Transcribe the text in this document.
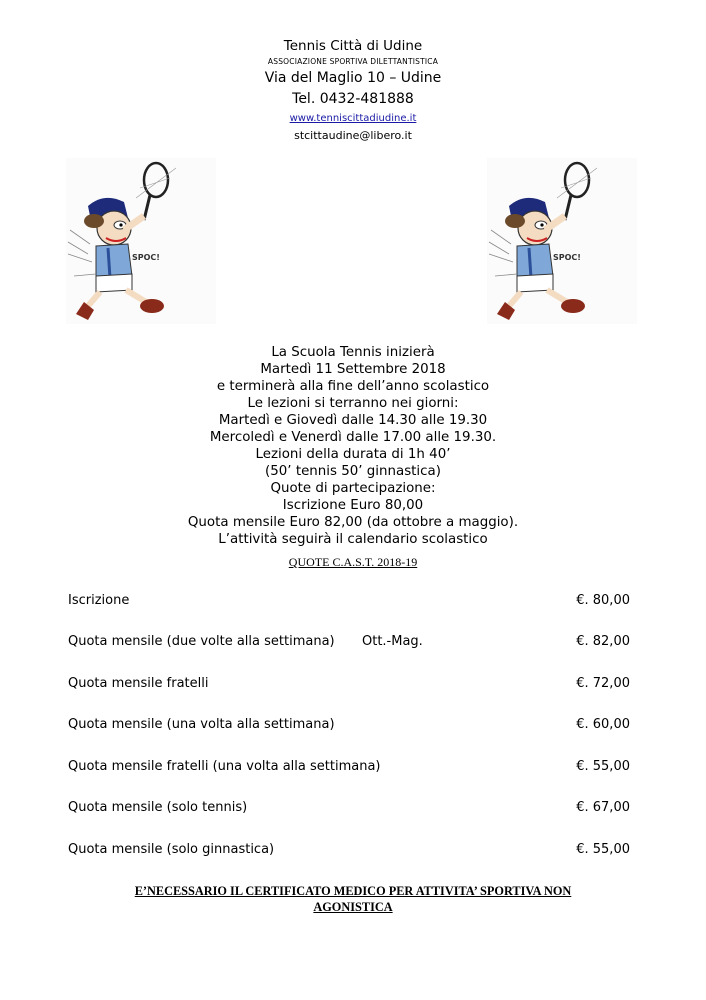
Tennis Città di Udine
ASSOCIAZIONE SPORTIVA DILETTANTISTICA
Via del Maglio 10 – Udine
Tel. 0432-481888
www.tenniscittadiudine.it
stcittaudine@libero.it
SPOC!	SPOC!
La Scuola Tennis inizierà
Martedì 11 Settembre 2018
e terminerà alla fine dell’anno scolastico
Le lezioni si terranno nei giorni:
Martedì e Giovedì dalle 14.30 alle 19.30
Mercoledì e Venerdì dalle 17.00 alle 19.30.
Lezioni della durata di 1h 40’
(50’ tennis 50’ ginnastica)
Quote di partecipazione:
Iscrizione Euro 80,00
Quota mensile Euro 82,00 (da ottobre a maggio).
L’attività seguirà il calendario scolastico
QUOTE C.A.S.T. 2018-19
Iscrizione	€. 80,00
Quota mensile (due volte alla settimana) Ott.-Mag.	€. 82,00
Quota mensile fratelli	€. 72,00
Quota mensile (una volta alla settimana)	€. 60,00
Quota mensile fratelli (una volta alla settimana)	€. 55,00
Quota mensile (solo tennis)	€. 67,00
Quota mensile (solo ginnastica)	€. 55,00
E’NECESSARIO IL CERTIFICATO MEDICO PER ATTIVITA’ SPORTIVA NON
AGONISTICA
